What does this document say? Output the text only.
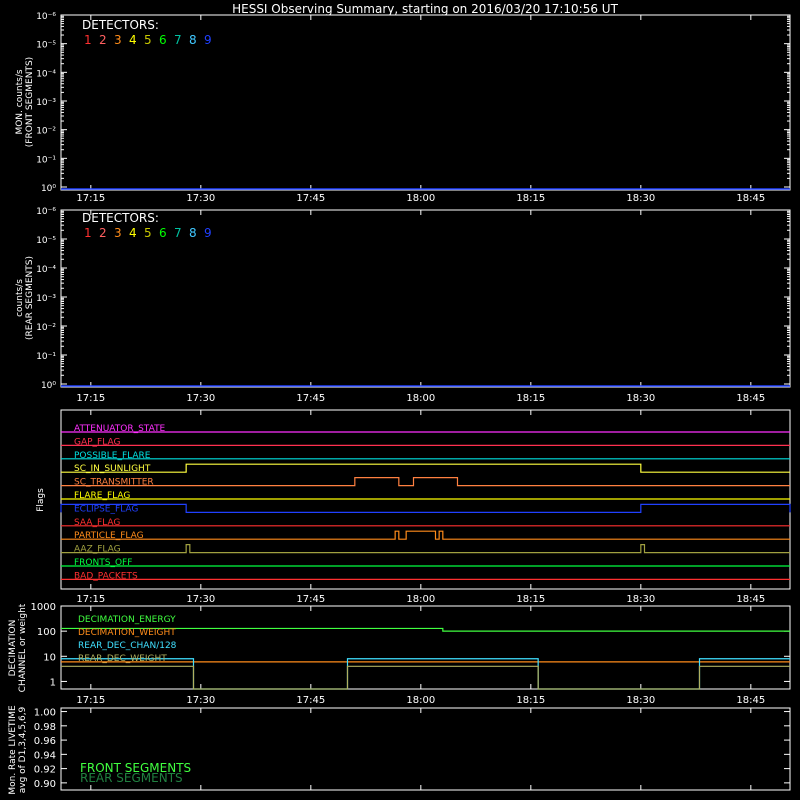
HESSI Observing Summary, starting on 2016/03/20 17:10:56 UT
MON. counts/s (FRONT SEGMENTS)
counts/s (REAR SEGMENTS)
Flags
DECIMATION CHANNEL or weight
Mon. Rate LIVETIME avg of D1,3,4,5,6,9
DETECTORS:
DETECTORS:
17:15
17:15
17:15
17:15
17:30
17:30
17:30
17:30
17:45
17:45
17:45
17:45
18:00
18:00
18:00
18:00
18:15
18:15
18:15
18:15
18:30
18:30
18:30
18:30
18:45
18:45
18:45
18:45
10⁰
10⁻¹
10⁻²
10⁻³
10⁻⁴
10⁻⁵
10⁻⁶
1 2 3 4 5 6 7 8 9
10⁰
10⁻¹
10⁻²
10⁻³
10⁻⁴
10⁻⁵
10⁻⁶
1 2 3 4 5 6 7 8 9
ATTENUATOR_STATE
GAP_FLAG
POSSIBLE_FLARE
SC_IN_SUNLIGHT
SC_TRANSMITTER
FLARE_FLAG
ECLIPSE_FLAG
SAA_FLAG
PARTICLE_FLAG
AAZ_FLAG
FRONTS_OFF
BAD_PACKETS
1
10
100
1000
DECIMATION_ENERGY
DECIMATION_WEIGHT
REAR_DEC_CHAN/128
REAR_DEC_WEIGHT
0.90
0.92
0.94
0.96
0.98
1.00
FRONT SEGMENTS
REAR SEGMENTS
